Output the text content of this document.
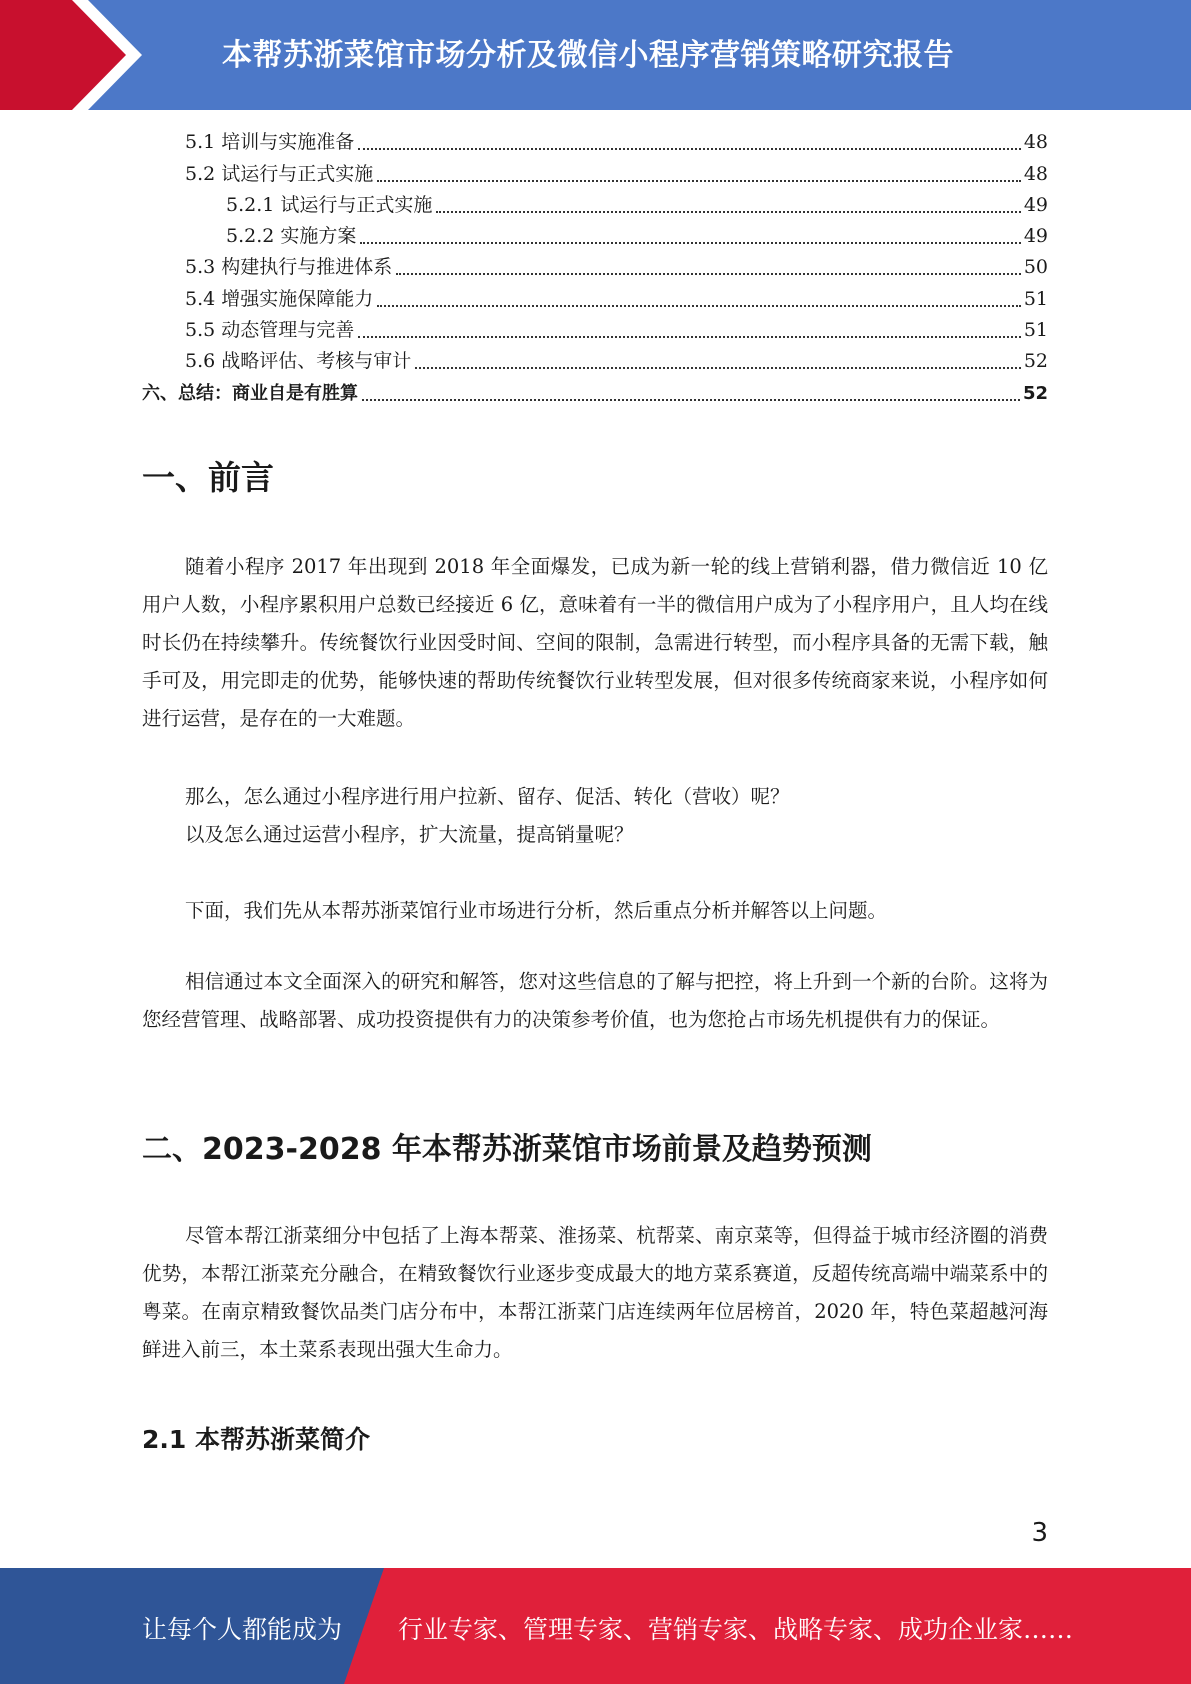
本帮苏浙菜馆市场分析及微信小程序营销策略研究报告
5.1 培训与实施准备	48
5.2 试运行与正式实施	48
5.2.1 试运行与正式实施	49
5.2.2 实施方案	49
5.3 构建执行与推进体系	50
5.4 增强实施保障能力	51
5.5 动态管理与完善	51
5.6 战略评估、考核与审计	52
六、总结：商业自是有胜算	52
一、前言
随着小程序 2017 年出现到 2018 年全面爆发，已成为新一轮的线上营销利器，借力微信近 10 亿用户人数，小程序累积用户总数已经接近 6 亿，意味着有一半的微信用户成为了小程序用户，且人均在线时长仍在持续攀升。传统餐饮行业因受时间、空间的限制，急需进行转型，而小程序具备的无需下载，触手可及，用完即走的优势，能够快速的帮助传统餐饮行业转型发展，但对很多传统商家来说，小程序如何进行运营，是存在的一大难题。
那么，怎么通过小程序进行用户拉新、留存、促活、转化（营收）呢？
以及怎么通过运营小程序，扩大流量，提高销量呢？
下面，我们先从本帮苏浙菜馆行业市场进行分析，然后重点分析并解答以上问题。
相信通过本文全面深入的研究和解答，您对这些信息的了解与把控，将上升到一个新的台阶。这将为您经营管理、战略部署、成功投资提供有力的决策参考价值，也为您抢占市场先机提供有力的保证。
二、2023-2028 年本帮苏浙菜馆市场前景及趋势预测
尽管本帮江浙菜细分中包括了上海本帮菜、淮扬菜、杭帮菜、南京菜等，但得益于城市经济圈的消费优势，本帮江浙菜充分融合，在精致餐饮行业逐步变成最大的地方菜系赛道，反超传统高端中端菜系中的粤菜。在南京精致餐饮品类门店分布中，本帮江浙菜门店连续两年位居榜首，2020 年，特色菜超越河海鲜进入前三，本土菜系表现出强大生命力。
2.1 本帮苏浙菜简介
3
让每个人都能成为 行业专家、管理专家、营销专家、战略专家、成功企业家……
